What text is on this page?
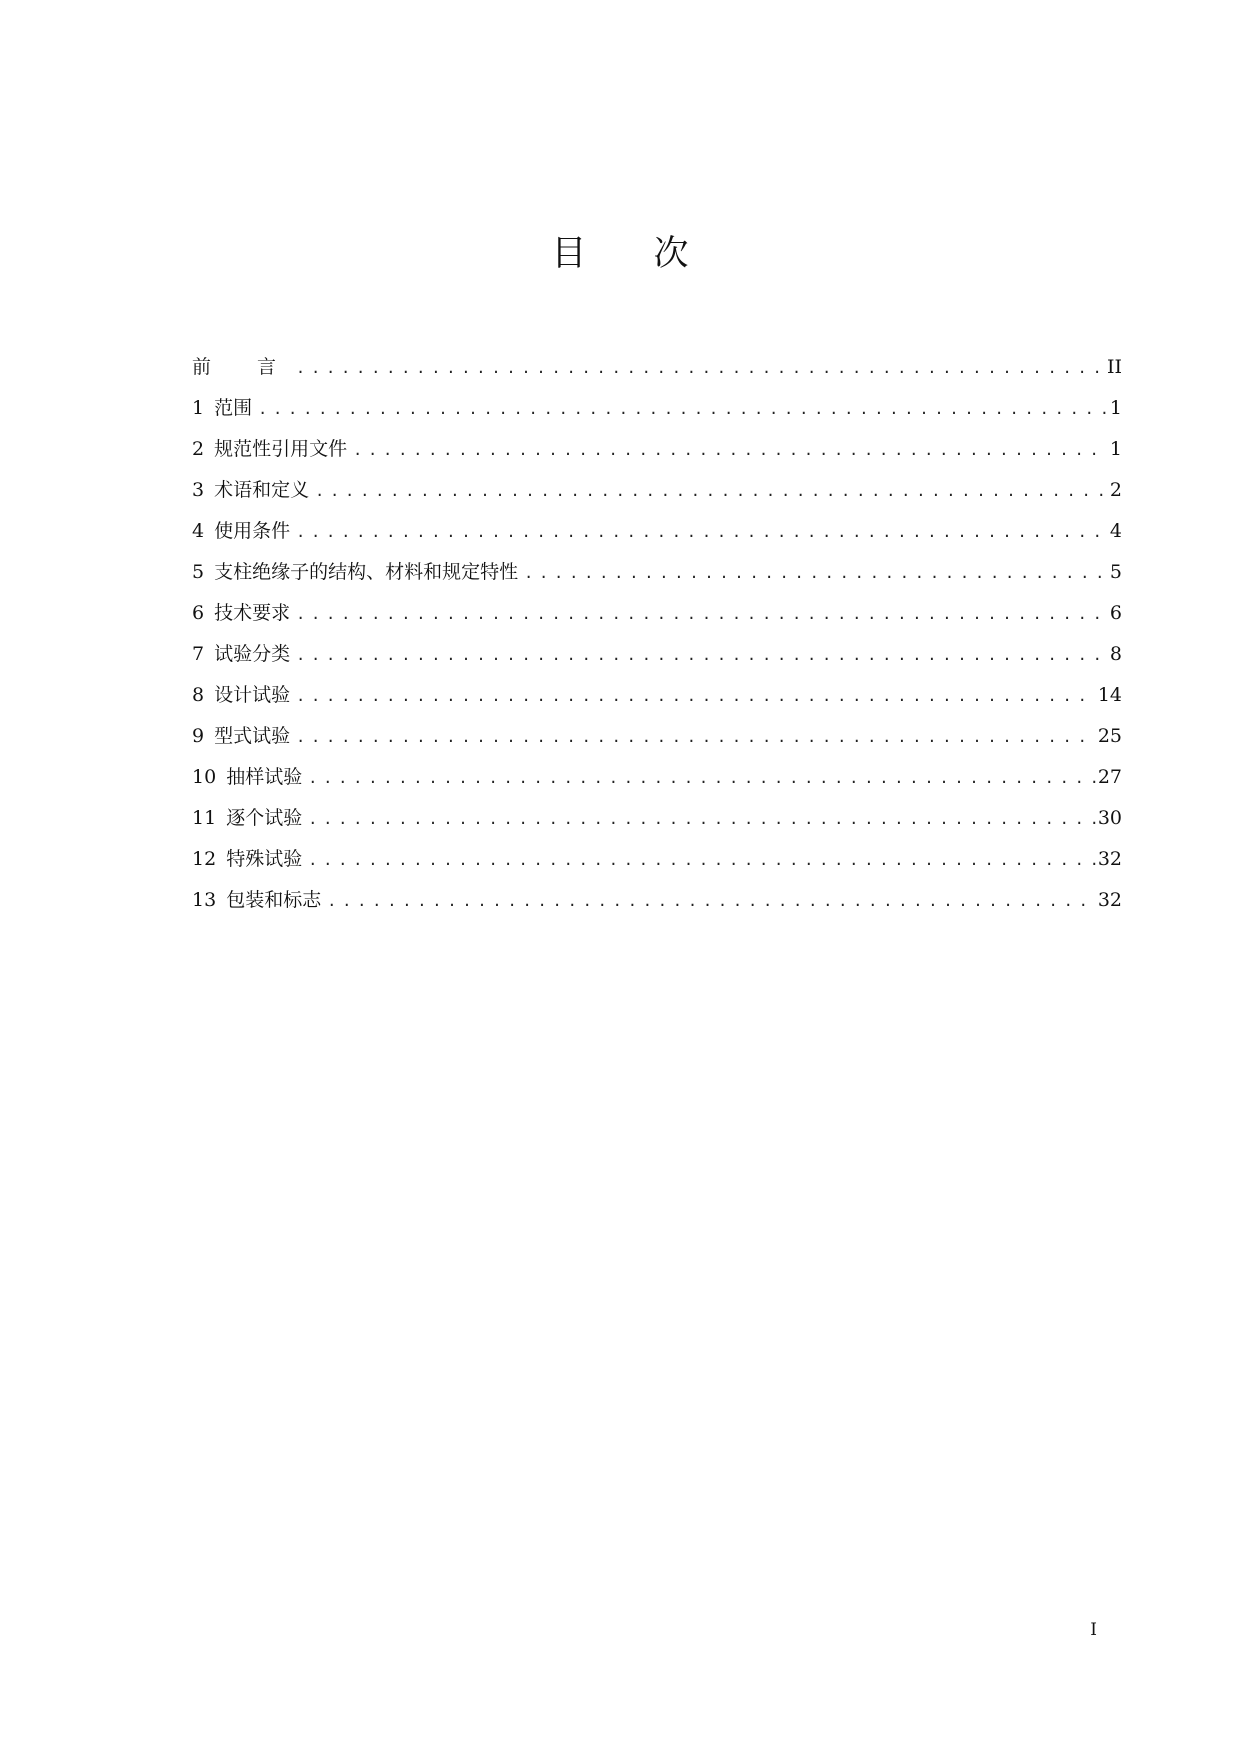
目 次
前 言 .....	II
1 范围 .....	1
2 规范性引用文件 .....	1
3 术语和定义 .....	2
4 使用条件 .....	4
5 支柱绝缘子的结构、材料和规定特性 .....	5
6 技术要求 .....	6
7 试验分类 .....	8
8 设计试验 .....	14
9 型式试验 .....	25
10 抽样试验 .....	27
11 逐个试验 .....	30
12 特殊试验 .....	32
13 包装和标志 .....	32
I
